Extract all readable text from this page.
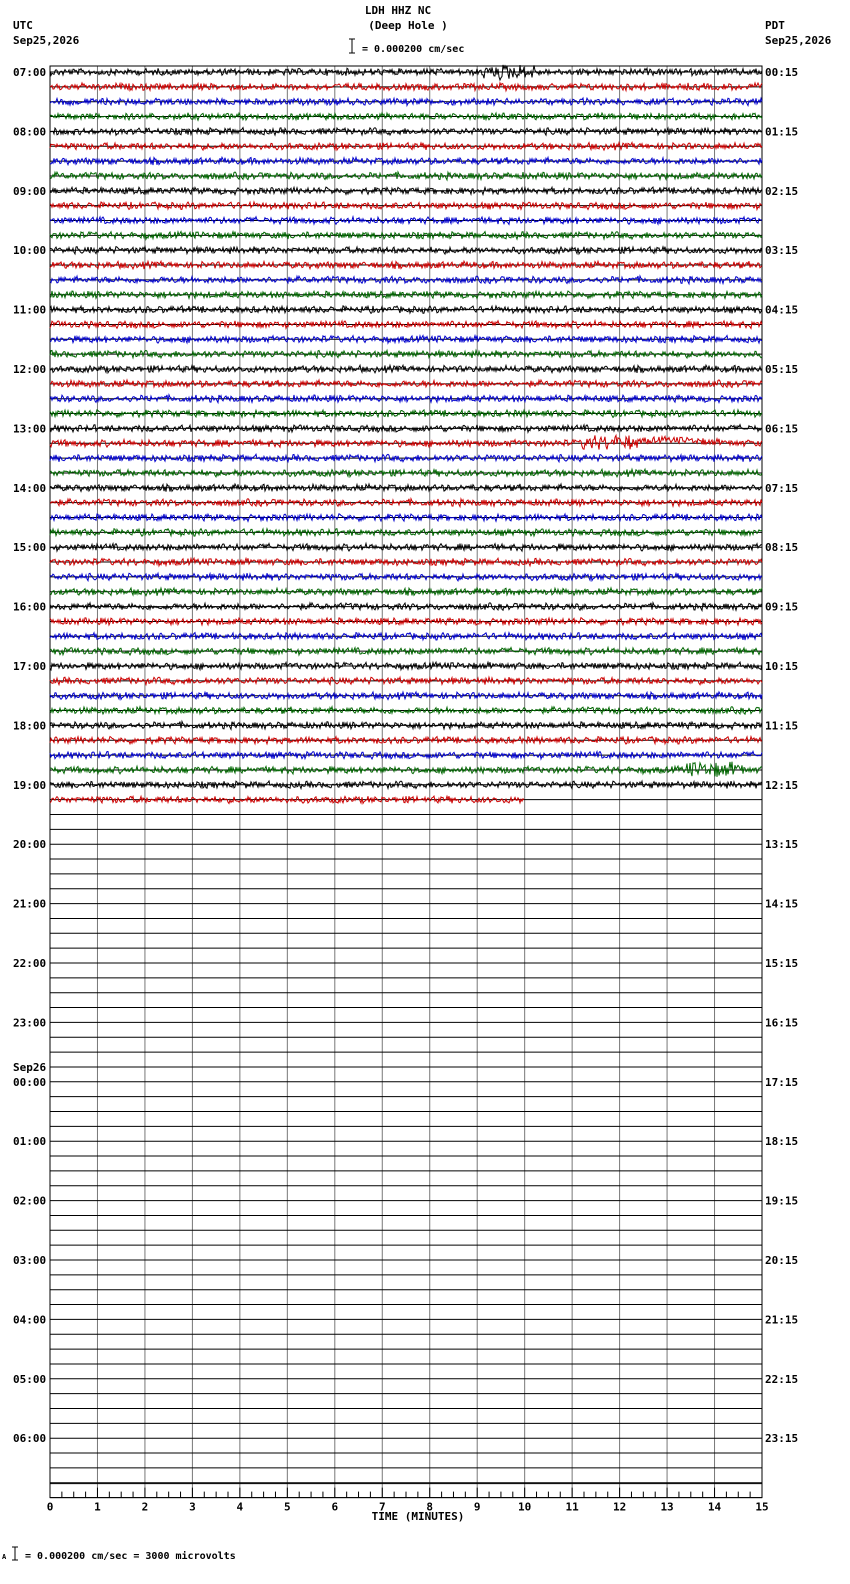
07:00
08:00
09:00
10:00
11:00
12:00
13:00
14:00
15:00
16:00
17:00
18:00
19:00
20:00
21:00
22:00
23:00
00:00
01:00
02:00
03:00
04:00
05:00
06:00
00:15
01:15
02:15
03:15
04:15
05:15
06:15
07:15
08:15
09:15
10:15
11:15
12:15
13:15
14:15
15:15
16:15
17:15
18:15
19:15
20:15
21:15
22:15
23:15
0	1	2	3	4	5	6	7	8	9	10	11	12	13	14	15
TIME (MINUTES)
Sep26
UTC
Sep25,2026
PDT
Sep25,2026
LDH HHZ NC
(Deep Hole )
= 0.000200 cm/sec
A = 0.000200 cm/sec = 3000 microvolts
